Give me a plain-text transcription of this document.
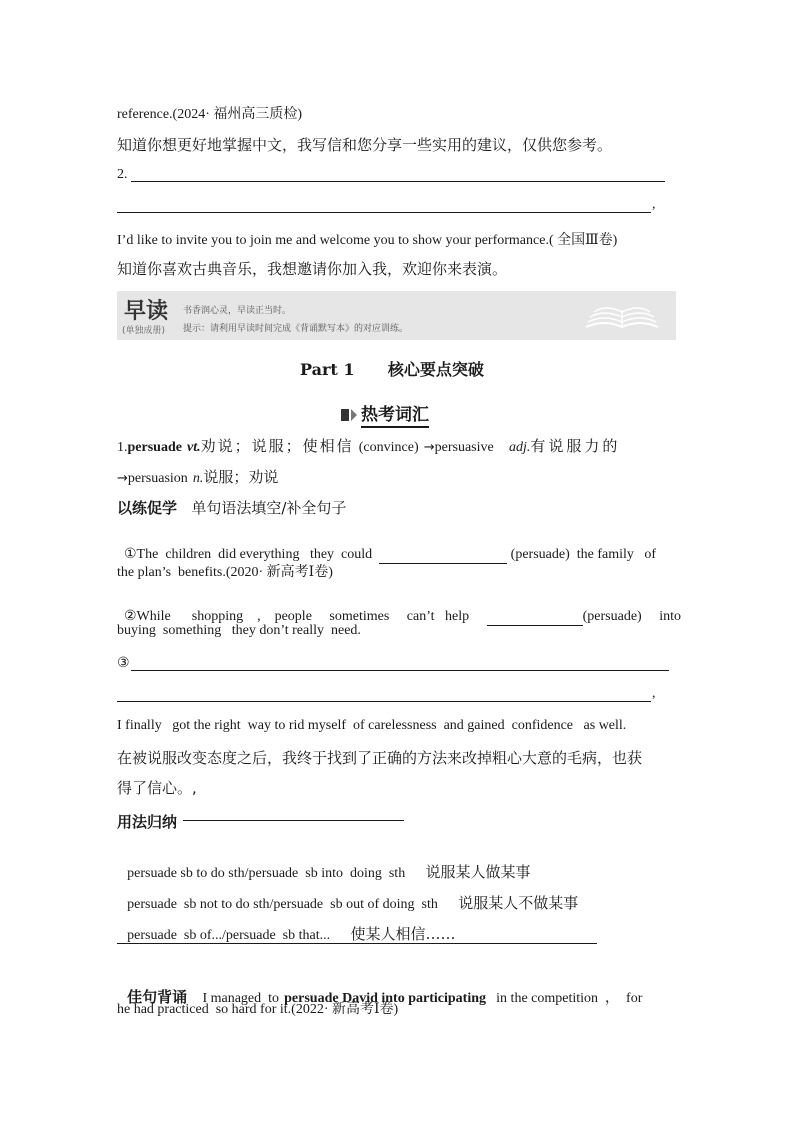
reference.(2024· 福州高三质检)
知道你想更好地掌握中文，我写信和您分享一些实用的建议，仅供您参考。
2.
,
I’d like to invite you to join me and welcome you to show your performance.( 全国Ⅲ卷)
知道你喜欢古典音乐，我想邀请你加入我，欢迎你来表演。
早读
(单独成册)
书香润心灵，早读正当时。
提示：请利用早读时间完成《背诵默写本》的对应训练。
Part 1      核心要点突破
热考词汇
1.persuade vt.劝说；说服；使相信 (convince) →persuasive adj.有说服力的
→persuasion n.说服；劝说
以练促学 单句语法填空/补全句子

①The  children  did everything   they  could	(persuade)  the family   of

the plan’s  benefits.(2020· 新高考Ⅰ卷)

②While      shopping    ,    people     sometimes     can’t   help	(persuade)     into

buying  something   they don’t really  need.
③
,
I finally   got the right  way to rid myself  of carelessness  and gained  confidence   as well.
在被说服改变态度之后，我终于找到了正确的方法来改掉粗心大意的毛病，也获
得了信心。,
用法归纳

persuade sb to do sth/persuade  sb into  doing  sth 说服某人做某事

persuade  sb not to do sth/persuade  sb out of doing  sth 说服某人不做某事

persuade  sb of.../persuade  sb that... 使某人相信……

佳句背诵 I managed  to persuade David into participating in the competition  ，  for

he had practiced  so hard for it.(2022· 新高考Ⅰ卷)
